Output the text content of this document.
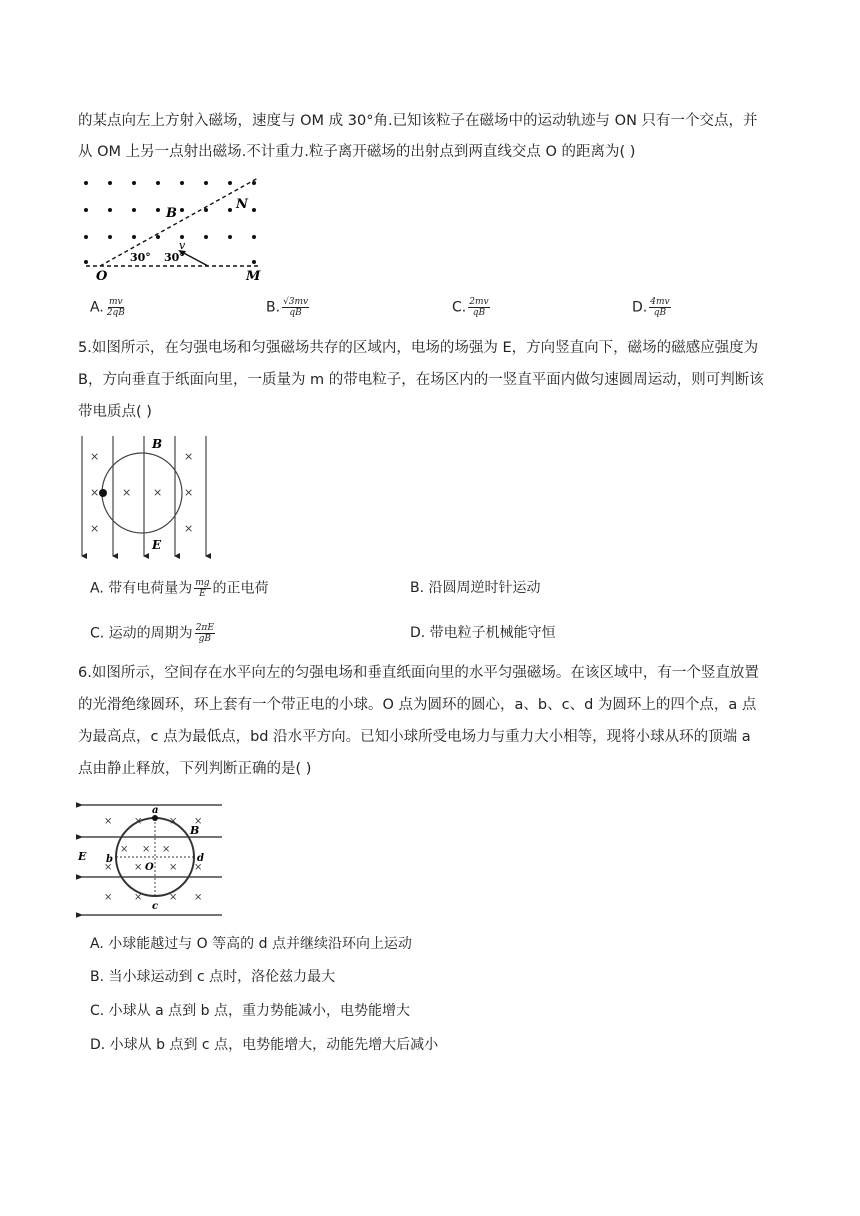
的某点向左上方射入磁场，速度与 OM 成 30°角.已知该粒子在磁场中的运动轨迹与 ON 只有一个交点，并
从 OM 上另一点射出磁场.不计重力.粒子离开磁场的出射点到两直线交点 O 的距离为( )
B
N
O	M
v
30° 30°
A. $\frac{mv}{2qB}$	B. $\frac{√3mv}{qB}$	C. $\frac{2mv}{qB}$	D. $\frac{4mv}{qB}$
5.如图所示，在匀强电场和匀强磁场共存的区域内，电场的场强为 E，方向竖直向下，磁场的磁感应强度为
B，方向垂直于纸面向里，一质量为 m 的带电粒子，在场区内的一竖直平面内做匀速圆周运动，则可判断该
带电质点( )
×
×
×
× ×
×
×
×
B
E
A. 带有电荷量为 $\frac{mg}{E}$ 的正电荷	B. 沿圆周逆时针运动
C. 运动的周期为 $\frac{2\pi E}{gB}$	D. 带电粒子机械能守恒
6.如图所示，空间存在水平向左的匀强电场和垂直纸面向里的水平匀强磁场。在该区域中，有一个竖直放置
的光滑绝缘圆环，环上套有一个带正电的小球。O 点为圆环的圆心，a、b、c、d 为圆环上的四个点，a 点
为最高点，c 点为最低点，bd 沿水平方向。已知小球所受电场力与重力大小相等，现将小球从环的顶端 a
点由静止释放，下列判断正确的是( )
× ×	× ×
× × ×
× ×	× ×
× ×	× ×
a
B
E b	d
O
c
A. 小球能越过与 O 等高的 d 点并继续沿环向上运动
B. 当小球运动到 c 点时，洛伦兹力最大
C. 小球从 a 点到 b 点，重力势能减小，电势能增大
D. 小球从 b 点到 c 点，电势能增大，动能先增大后减小
